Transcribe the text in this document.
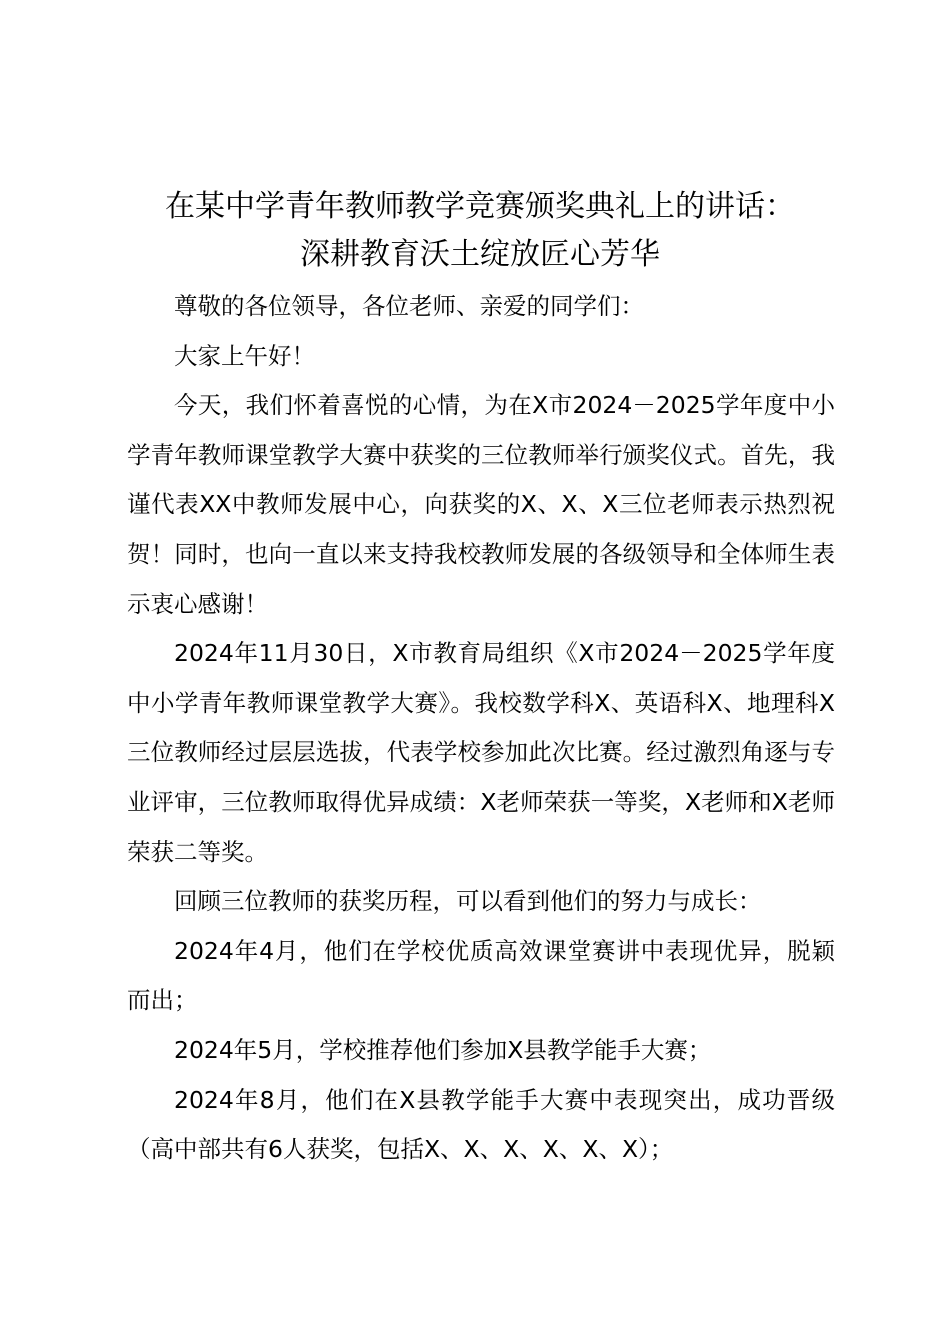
在某中学青年教师教学竞赛颁奖典礼上的讲话：
深耕教育沃土绽放匠心芳华

尊敬的各位领导，各位老师、亲爱的同学们：

大家上午好！

今天，我们怀着喜悦的心情，为在X市2024－2025学年度中小学青年教师课堂教学大赛中获奖的三位教师举行颁奖仪式。首先，我谨代表XX中教师发展中心，向获奖的X、X、X三位老师表示热烈祝贺！同时，也向一直以来支持我校教师发展的各级领导和全体师生表示衷心感谢！

2024年11月30日，X市教育局组织《X市2024－2025学年度中小学青年教师课堂教学大赛》。我校数学科X、英语科X、地理科X三位教师经过层层选拔，代表学校参加此次比赛。经过激烈角逐与专业评审，三位教师取得优异成绩：X老师荣获一等奖，X老师和X老师荣获二等奖。

回顾三位教师的获奖历程，可以看到他们的努力与成长：

2024年4月，他们在学校优质高效课堂赛讲中表现优异，脱颖而出；

2024年5月，学校推荐他们参加X县教学能手大赛；

2024年8月，他们在X县教学能手大赛中表现突出，成功晋级（高中部共有6人获奖，包括X、X、X、X、X、X）；
